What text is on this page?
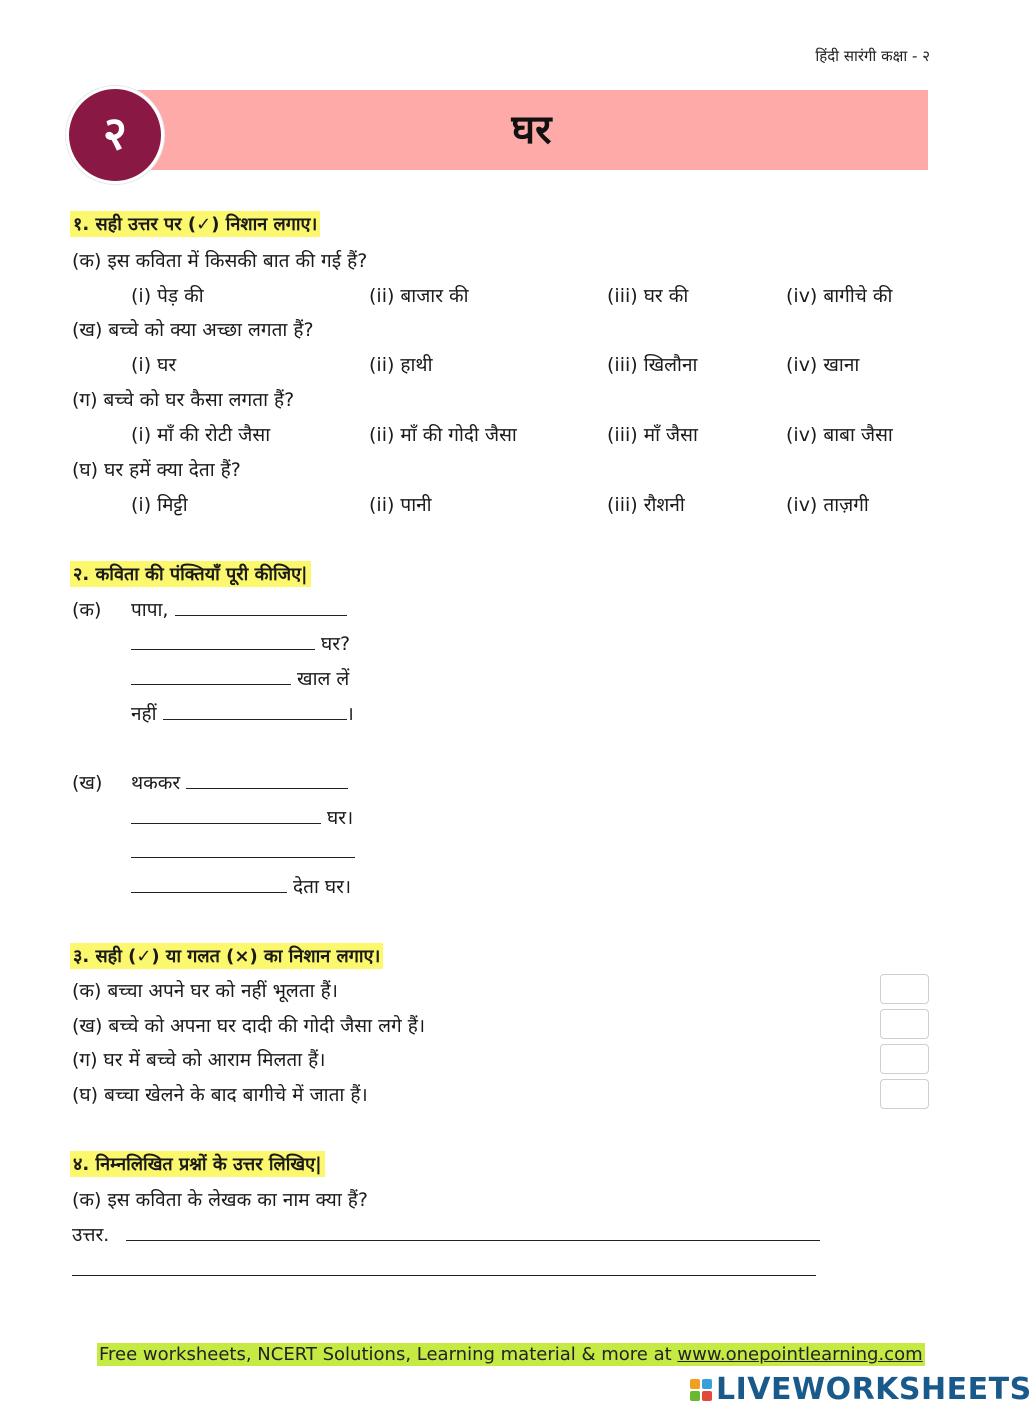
हिंदी सारंगी कक्षा - २
घर
२
१. सही उत्तर पर (✓) निशान लगाए।
(क) इस कविता में किसकी बात की गई हैं?
(i) पेड़ की	(ii) बाजार की	(iii) घर की	(iv) बागीचे की
(ख) बच्चे को क्या अच्छा लगता हैं?
(i) घर	(ii) हाथी	(iii) खिलौना	(iv) खाना
(ग) बच्चे को घर कैसा लगता हैं?
(i) माँ की रोटी जैसा	(ii) माँ की गोदी जैसा	(iii) माँ जैसा	(iv) बाबा जैसा
(घ) घर हमें क्या देता हैं?
(i) मिट्टी	(ii) पानी	(iii) रौशनी	(iv) ताज़गी
२. कविता की पंक्तियाँ पूरी कीजिए|
(क) पापा,
घर?
खाल लें
नहीं	।
(ख) थककर
घर।
देता घर।
३. सही (✓) या गलत (×) का निशान लगाए।
(क) बच्चा अपने घर को नहीं भूलता हैं।
(ख) बच्चे को अपना घर दादी की गोदी जैसा लगे हैं।
(ग) घर में बच्चे को आराम मिलता हैं।
(घ) बच्चा खेलने के बाद बागीचे में जाता हैं।
४. निम्नलिखित प्रश्नों के उत्तर लिखिए|
(क) इस कविता के लेखक का नाम क्या हैं?
उत्तर.
Free worksheets, NCERT Solutions, Learning material & more at www.onepointlearning.com
LIVEWORKSHEETS
